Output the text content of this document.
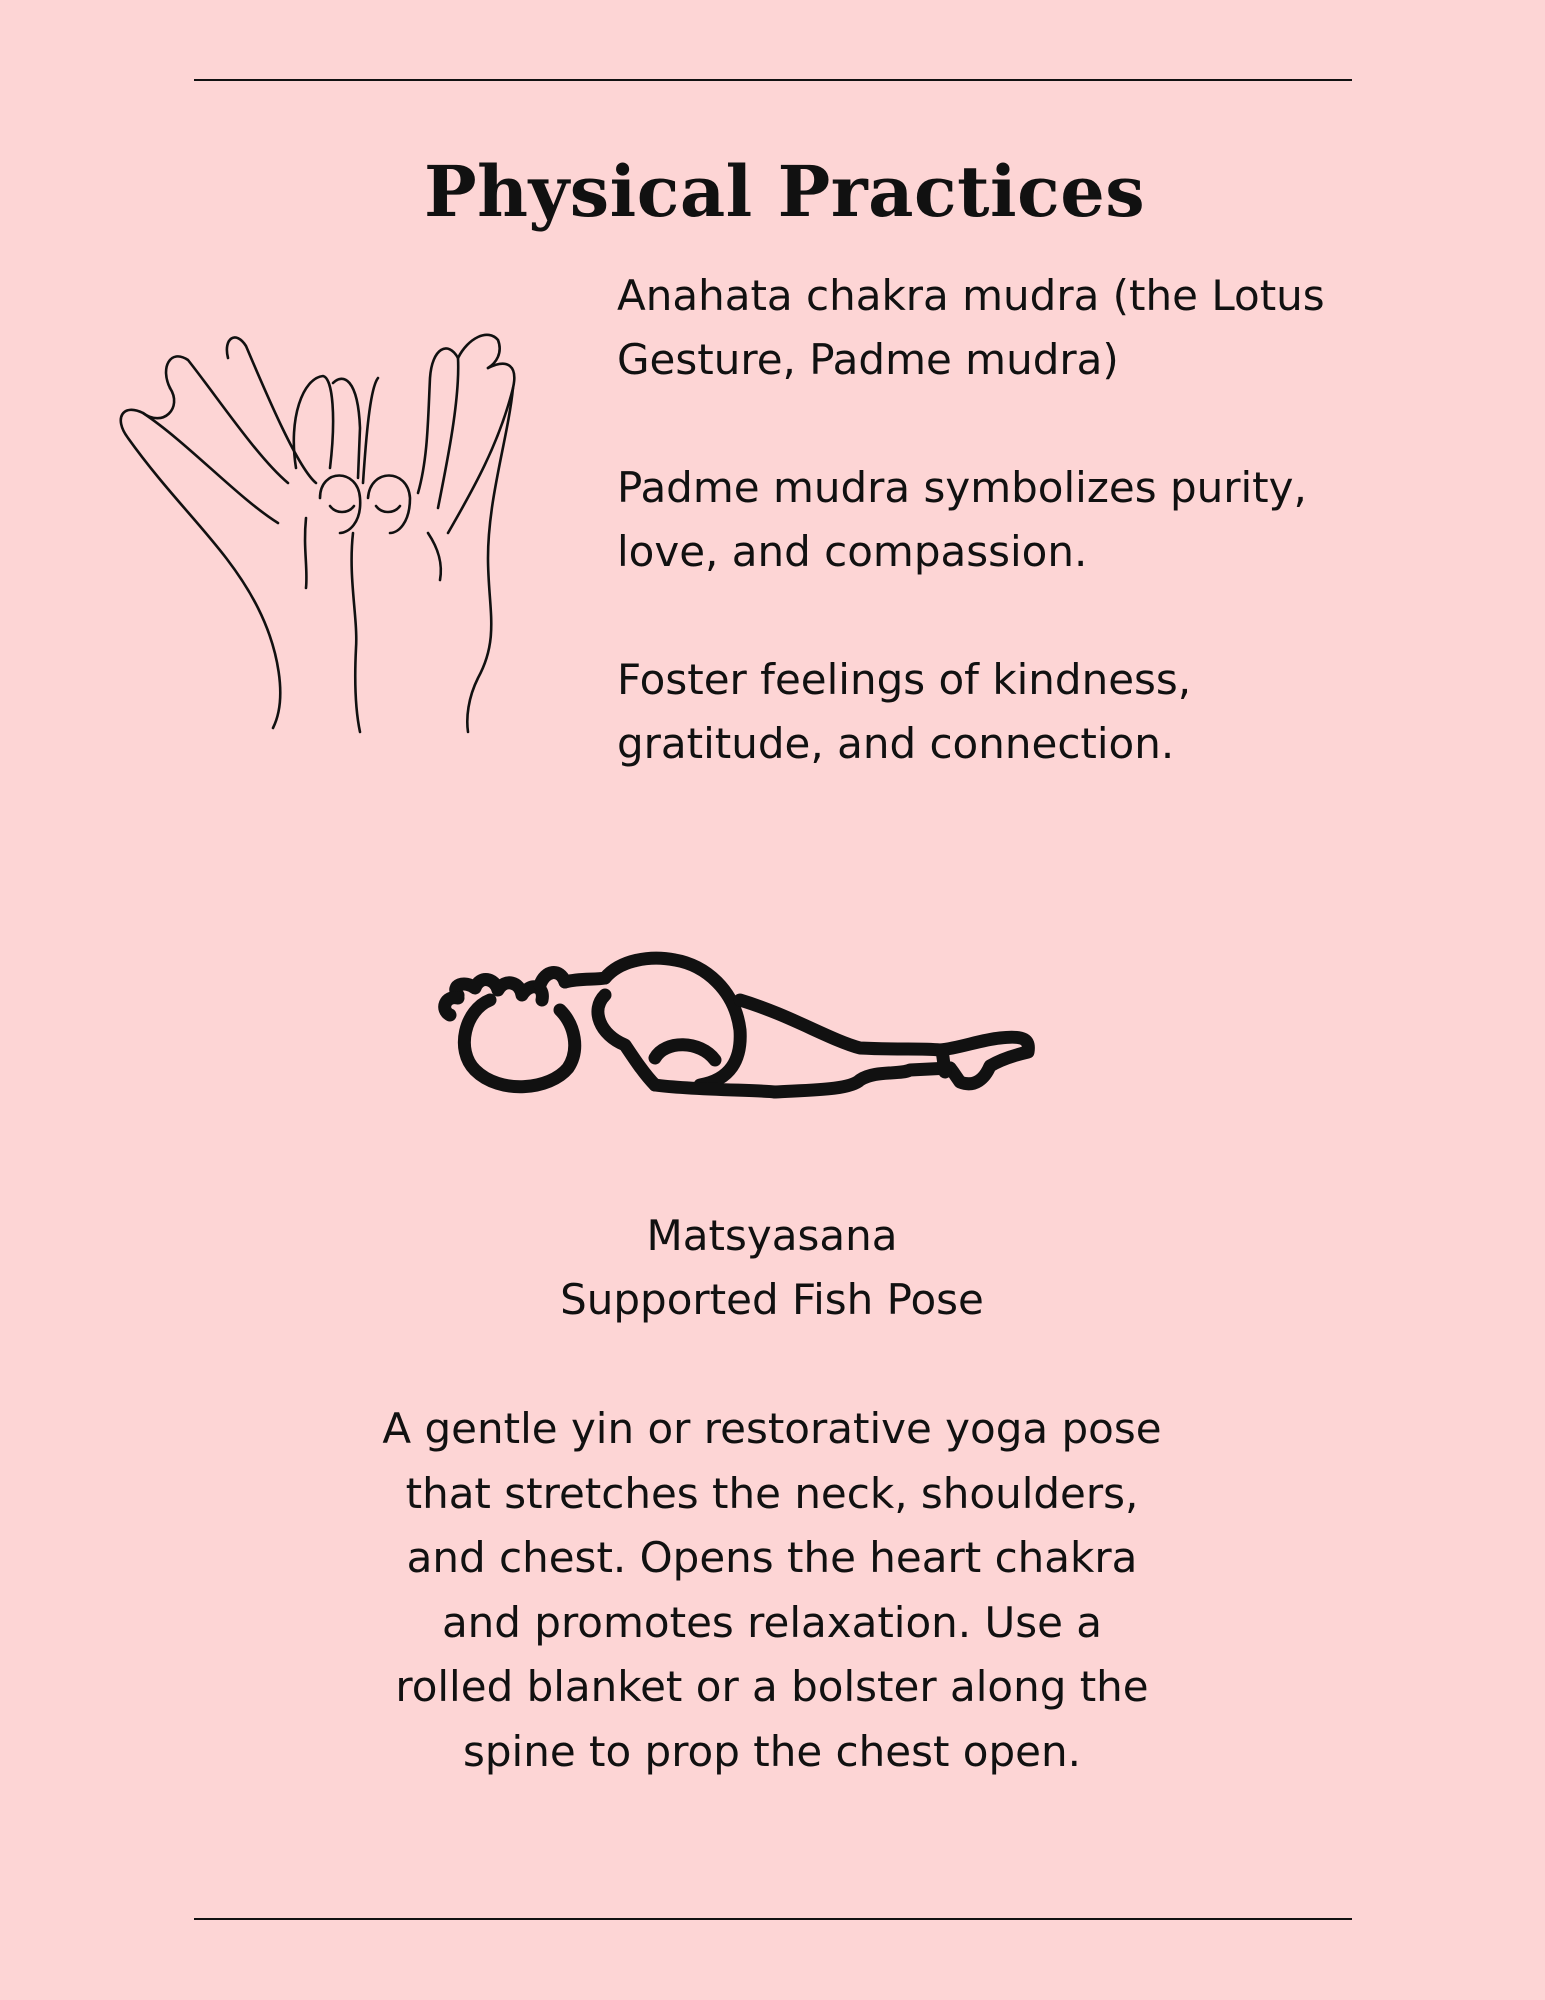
Physical Practices

Anahata chakra mudra (the Lotus
Gesture, Padme mudra)

Padme mudra symbolizes purity,
love, and compassion.

Foster feelings of kindness,
gratitude, and connection.

Matsyasana
Supported Fish Pose
A gentle yin or restorative yoga pose
that stretches the neck, shoulders,
and chest. Opens the heart chakra
and promotes relaxation. Use a
rolled blanket or a bolster along the
spine to prop the chest open.
